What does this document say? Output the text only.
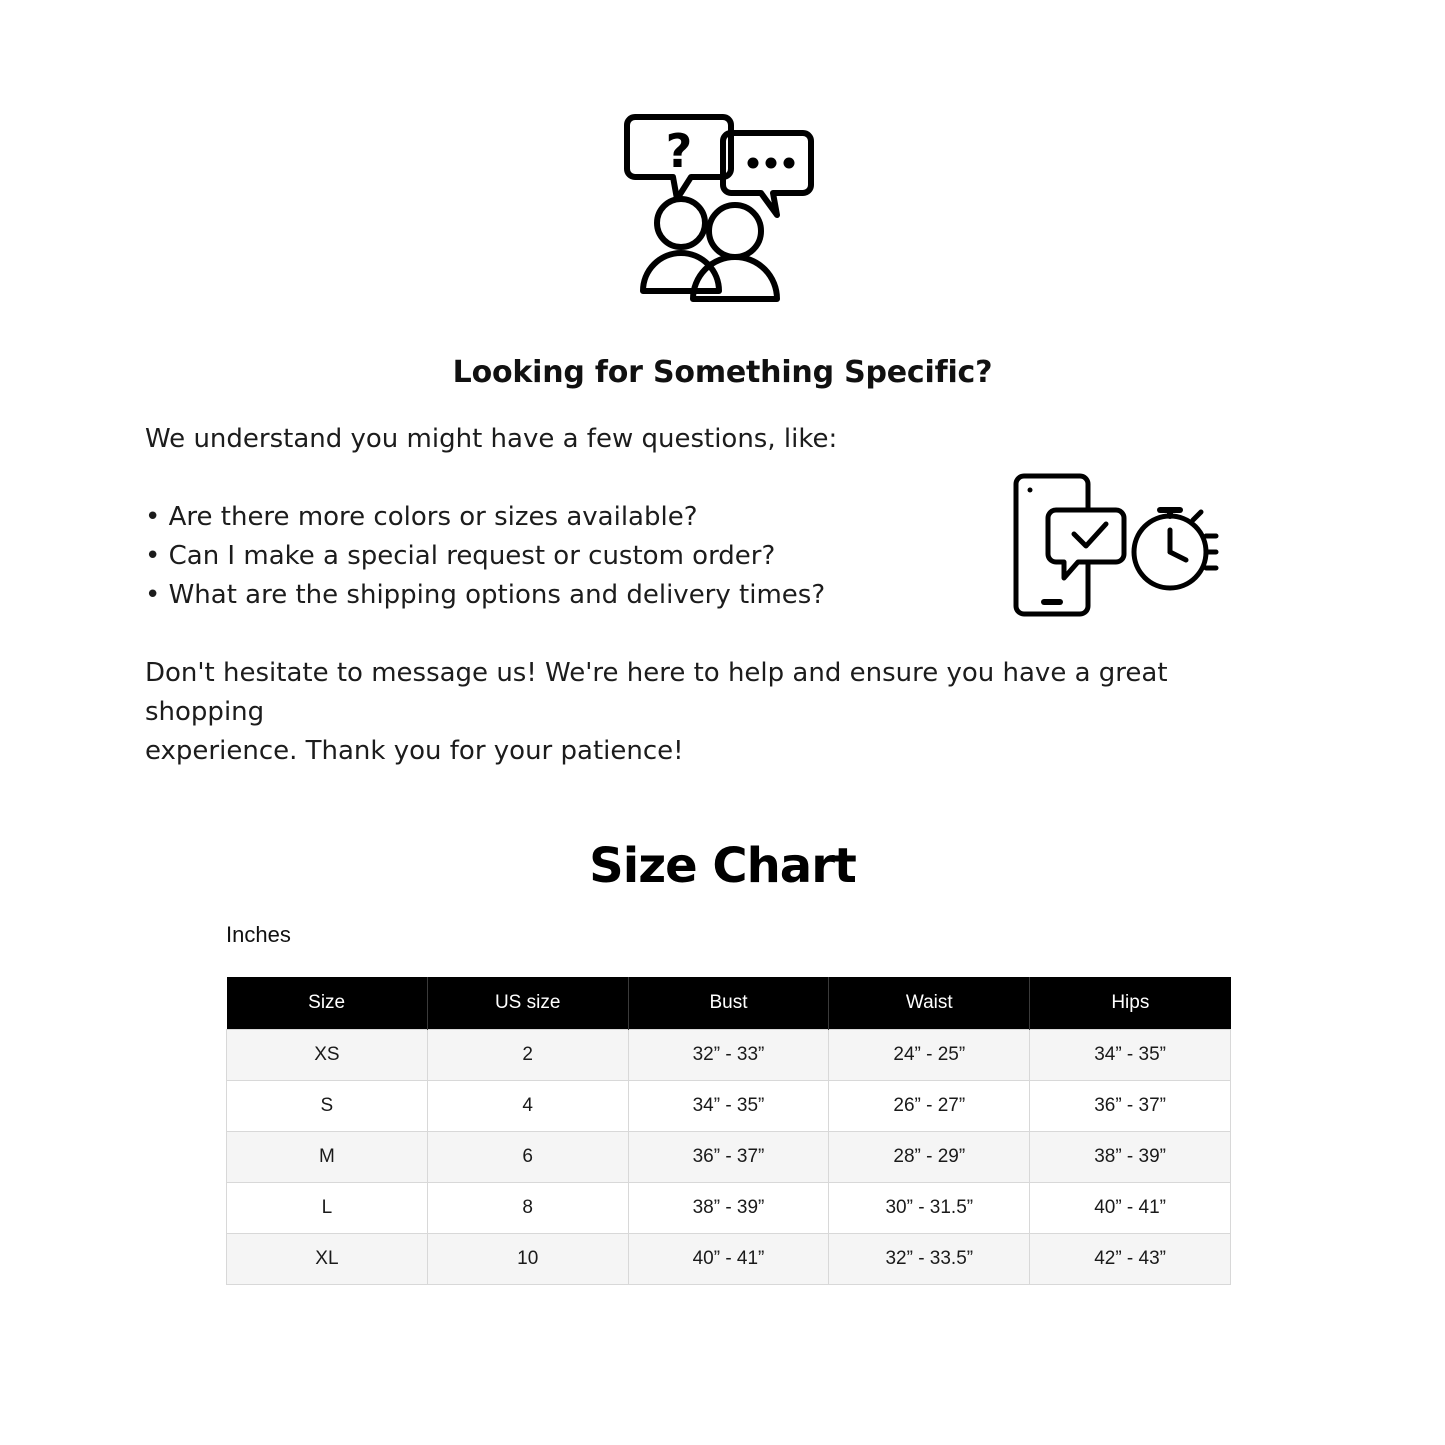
?
Looking for Something Specific?

We understand you might have a few questions, like:

• Are there more colors or sizes available?

• Can I make a special request or custom order?

• What are the shipping options and delivery times?

Don't hesitate to message us! We're here to help and ensure you have a great shopping

experience. Thank you for your patience!

Size Chart
Inches
Size	US size	Bust	Waist	Hips
XS	2	32” - 33”	24” - 25”	34” - 35”
S	4	34” - 35”	26” - 27”	36” - 37”
M	6	36” - 37”	28” - 29”	38” - 39”
L	8	38” - 39”	30” - 31.5”	40” - 41”
XL	10	40” - 41”	32” - 33.5”	42” - 43”
